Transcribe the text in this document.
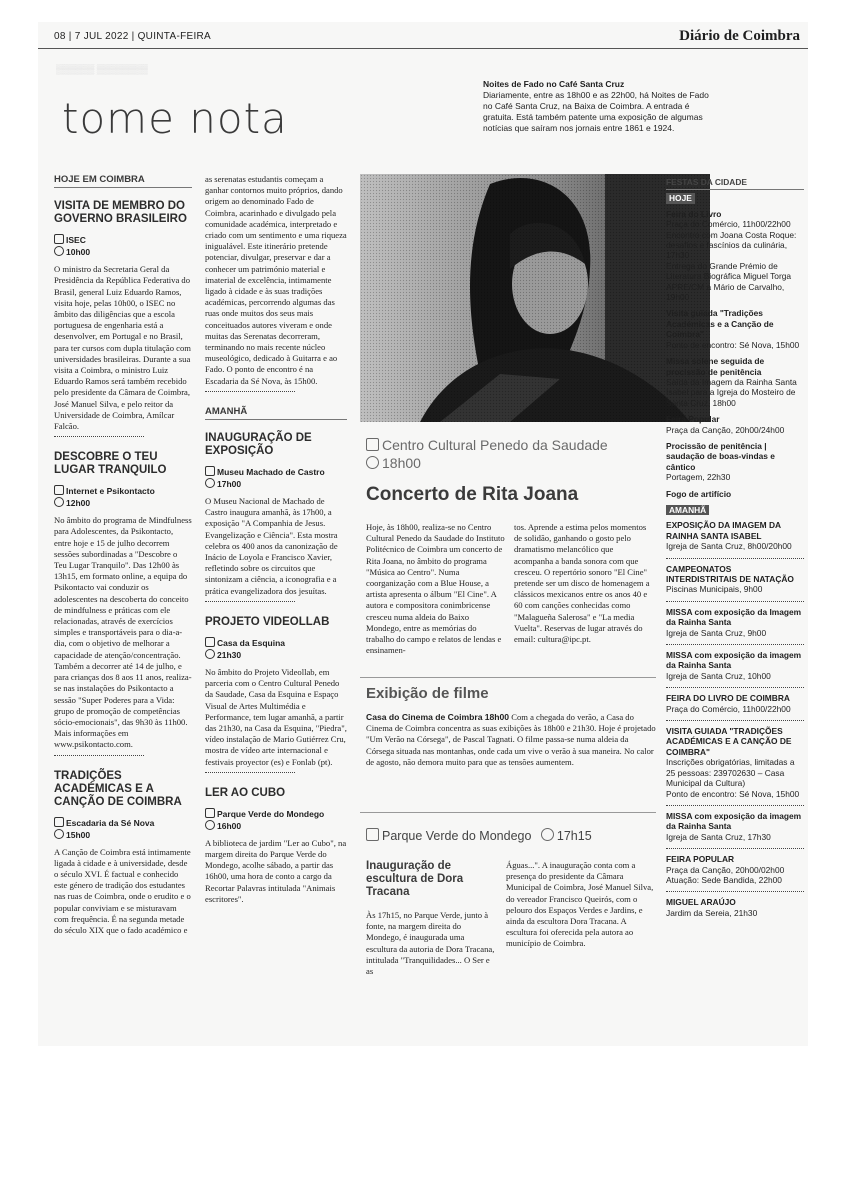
08 | 7 JUL 2022 | QUINTA-FEIRA	Diário de Coimbra
▒▒▒▒▒▒ ▒▒▒▒▒▒▒▒
tome nota
Noites de Fado no Café Santa Cruz
Diariamente, entre as 18h00 e as 22h00, há Noites de Fado no Café Santa Cruz, na Baixa de Coimbra. A entrada é gratuita. Está também patente uma exposição de algumas notícias que saíram nos jornais entre 1861 e 1924.
HOJE EM COIMBRA
VISITA DE MEMBRO DO GOVERNO BRASILEIRO
ISEC
10h00

O ministro da Secretaria Geral da Presidência da República Federativa do Brasil, general Luiz Eduardo Ramos, visita hoje, pelas 10h00, o ISEC no âmbito das diligências que a escola portuguesa de engenharia está a desenvolver, em Portugal e no Brasil, para ter cursos com dupla titulação com universidades brasileiras. Durante a sua visita a Coimbra, o ministro Luiz Eduardo Ramos será também recebido pelo presidente da Câmara de Coimbra, José Manuel Silva, e pelo reitor da Universidade de Coimbra, Amílcar Falcão.

DESCOBRE O TEU LUGAR TRANQUILO
Internet e Psikontacto
12h00

No âmbito do programa de Mindfulness para Adolescentes, da Psikontacto, entre hoje e 15 de julho decorrem sessões subordinadas a "Descobre o Teu Lugar Tranquilo". Das 12h00 às 13h15, em formato online, a equipa do Psikontacto vai conduzir os adolescentes na descoberta do conceito de mindfulness e práticas com ele relacionadas, através de exercícios simples e transportáveis para o dia-a-dia, com o objetivo de melhorar a capacidade de atenção/concentração. Também a decorrer até 14 de julho, e para crianças dos 8 aos 11 anos, realiza-se nas instalações do Psikontacto a sessão "Super Poderes para a Vida: grupo de promoção de competências sócio-emocionais", das 9h30 às 11h00. Mais informações em www.psikontacto.com.

TRADIÇÕES ACADÉMICAS E A CANÇÃO DE COIMBRA
Escadaria da Sé Nova
15h00

A Canção de Coimbra está intimamente ligada à cidade e à universidade, desde o século XVI. É factual e conhecido este género de tradição dos estudantes nas ruas de Coimbra, onde o erudito e o popular conviviam e se misturavam com frequência. É na segunda metade do século XIX que o fado académico e

as serenatas estudantis começam a ganhar contornos muito próprios, dando origem ao denominado Fado de Coimbra, acarinhado e divulgado pela comunidade académica, interpretado e criado com um sentimento e uma riqueza inigualável. Este itinerário pretende potenciar, divulgar, preservar e dar a conhecer um património material e imaterial de excelência, intimamente ligado à cidade e às suas tradições académicas, percorrendo algumas das ruas onde muitos dos seus mais conceituados autores viveram e onde muitas das Serenatas decorreram, terminando no mais recente núcleo museológico, dedicado à Guitarra e ao Fado. O ponto de encontro é na Escadaria da Sé Nova, às 15h00.

AMANHÃ
INAUGURAÇÃO DE EXPOSIÇÃO
Museu Machado de Castro
17h00

O Museu Nacional de Machado de Castro inaugura amanhã, às 17h00, a exposição "A Companhia de Jesus. Evangelização e Ciência". Esta mostra celebra os 400 anos da canonização de Inácio de Loyola e Francisco Xavier, refletindo sobre os circuitos que sintonizam a ciência, a iconografia e a prática evangelizadora dos jesuítas.

PROJETO VIDEOLLAB
Casa da Esquina
21h30

No âmbito do Projeto Videollab, em parceria com o Centro Cultural Penedo da Saudade, Casa da Esquina e Espaço Visual de Artes Multimédia e Performance, tem lugar amanhã, a partir das 21h30, na Casa da Esquina, "Piedra", vídeo instalação de Mario Gutiérrez Cru, mostra de vídeo arte internacional e festivais proyector (es) e Fonlab (pt).

LER AO CUBO
Parque Verde do Mondego
16h00

A biblioteca de jardim "Ler ao Cubo", na margem direita do Parque Verde do Mondego, acolhe sábado, a partir das 16h00, uma hora de conto a cargo da Recortar Palavras intitulada "Animais escritores".

Centro Cultural Penedo da Saudade
18h00
Concerto de Rita Joana

Hoje, às 18h00, realiza-se no Centro Cultural Penedo da Saudade do Instituto Politécnico de Coimbra um concerto de Rita Joana, no âmbito do programa "Música ao Centro". Numa coorganização com a Blue House, a artista apresenta o álbum "El Cine". A autora e compositora conimbricense cresceu numa aldeia do Baixo Mondego, entre as memórias do trabalho do campo e relatos de lendas e ensinamen-

tos. Aprende a estima pelos momentos de solidão, ganhando o gosto pelo dramatismo melancólico que acompanha a banda sonora com que cresceu. O repertório sonoro "El Cine" pretende ser um disco de homenagem a clássicos mexicanos entre os anos 40 e 60 com canções conhecidas como "Malagueña Salerosa" e "La media Vuelta". Reservas de lugar através do email: cultura@ipc.pt.

Exibição de filme

Casa do Cinema de Coimbra 18h00 Com a chegada do verão, a Casa do Cinema de Coimbra concentra as suas exibições às 18h00 e 21h30. Hoje é projetado "Um Verão na Córsega", de Pascal Tagnati. O filme passa-se numa aldeia da Córsega situada nas montanhas, onde cada um vive o verão à sua maneira. No calor de agosto, não demora muito para que as tensões aumentem.

Parque Verde do Mondego 17h15
Inauguração de escultura de Dora Tracana

Às 17h15, no Parque Verde, junto à fonte, na margem direita do Mondego, é inaugurada uma escultura da autoria de Dora Tracana, intitulada "Tranquilidades... O Ser e as

Águas...". A inauguração conta com a presença do presidente da Câmara Municipal de Coimbra, José Manuel Silva, do vereador Francisco Queirós, com o pelouro dos Espaços Verdes e Jardins, e ainda da escultora Dora Tracana. A escultura foi oferecida pela autora ao município de Coimbra.

FESTAS DA CIDADE
HOJE
Feira do Livro
Praça do Comércio, 11h00/22h00
Encontro com Joana Costa Roque: desafios e fascínios da culinária, 17h30
Entrega do Grande Prémio de Literatura Biográfica Miguel Torga APRE/CM a Mário de Carvalho, 19h00
Visita guiada "Tradições Académicas e a Canção de Coimbra"
Ponto de encontro: Sé Nova, 15h00
Missa solene seguida de procissão de penitência
Saída da Imagem da Rainha Santa Isabel para a Igreja do Mosteiro de Santa Cruz, 18h00
Feira Popular
Praça da Canção, 20h00/24h00
Procissão de penitência | saudação de boas-vindas e cântico
Portagem, 22h30
Fogo de artifício
AMANHÃ
EXPOSIÇÃO DA IMAGEM DA RAINHA SANTA ISABEL
Igreja de Santa Cruz, 8h00/20h00
CAMPEONATOS INTERDISTRITAIS DE NATAÇÃO
Piscinas Municipais, 9h00
MISSA com exposição da Imagem da Rainha Santa
Igreja de Santa Cruz, 9h00
MISSA com exposição da imagem da Rainha Santa
Igreja de Santa Cruz, 10h00
FEIRA DO LIVRO DE COIMBRA
Praça do Comércio, 11h00/22h00
VISITA GUIADA "TRADIÇÕES ACADÉMICAS E A CANÇÃO DE COIMBRA"
Inscrições obrigatórias, limitadas a 25 pessoas: 239702630 – Casa Municipal da Cultura)
Ponto de encontro: Sé Nova, 15h00
MISSA com exposição da imagem da Rainha Santa
Igreja de Santa Cruz, 17h30
FEIRA POPULAR
Praça da Canção, 20h00/02h00
Atuação: Sede Bandida, 22h00
MIGUEL ARAÚJO
Jardim da Sereia, 21h30
